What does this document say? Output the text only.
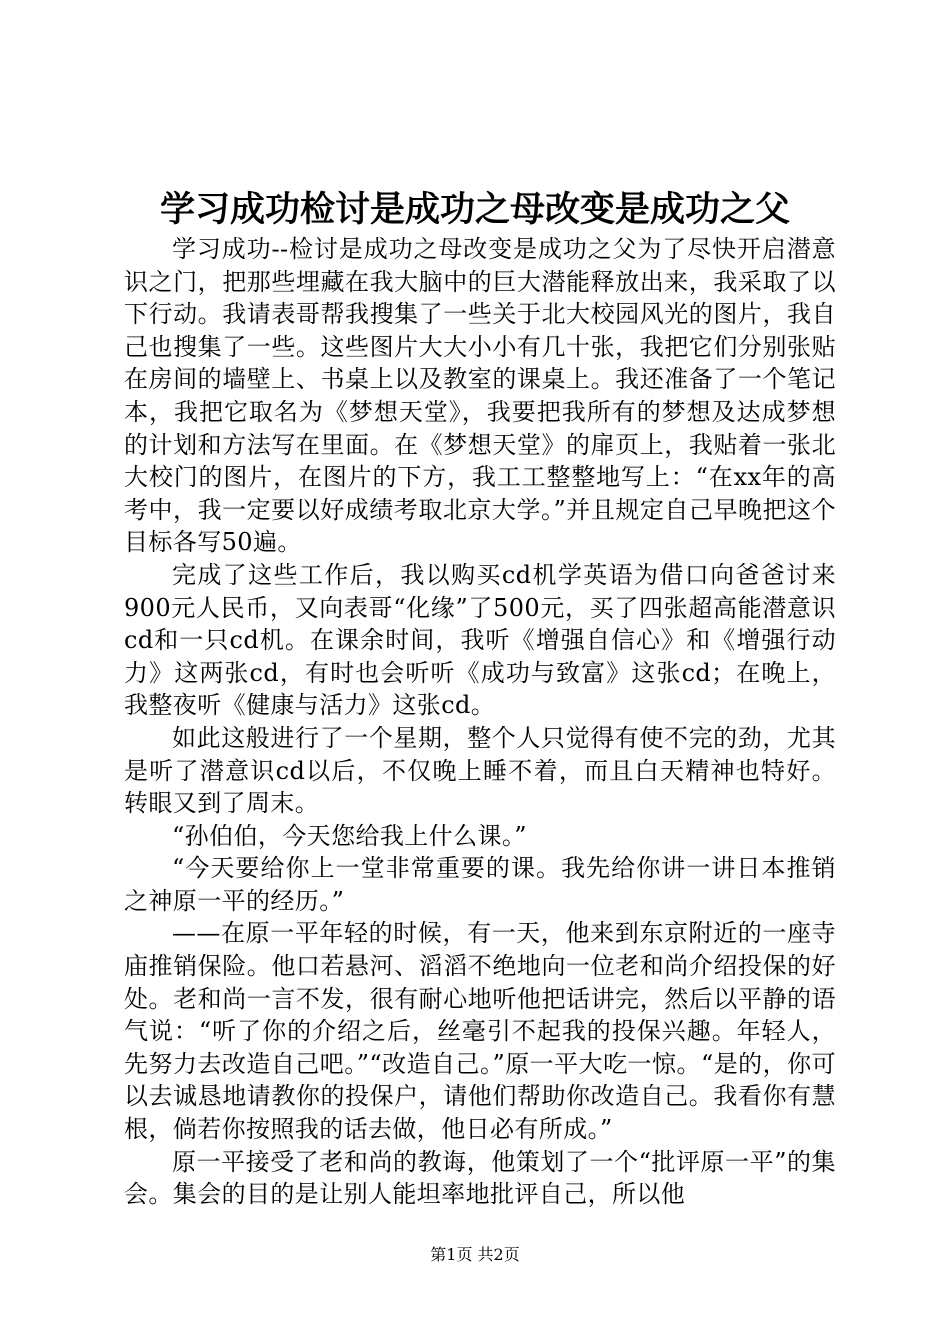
学习成功检讨是成功之母改变是成功之父

学习成功--检讨是成功之母改变是成功之父为了尽快开启潜意识之门，把那些埋藏在我大脑中的巨大潜能释放出来，我采取了以下行动。我请表哥帮我搜集了一些关于北大校园风光的图片，我自己也搜集了一些。这些图片大大小小有几十张，我把它们分别张贴在房间的墙壁上、书桌上以及教室的课桌上。我还准备了一个笔记本，我把它取名为《梦想天堂》，我要把我所有的梦想及达成梦想的计划和方法写在里面。在《梦想天堂》的扉页上，我贴着一张北大校门的图片，在图片的下方，我工工整整地写上：“在xx年的高考中，我一定要以好成绩考取北京大学。”并且规定自己早晚把这个目标各写50遍。

完成了这些工作后，我以购买cd机学英语为借口向爸爸讨来900元人民币，又向表哥“化缘”了500元，买了四张超高能潜意识cd和一只cd机。在课余时间，我听《增强自信心》和《增强行动力》这两张cd，有时也会听听《成功与致富》这张cd；在晚上，我整夜听《健康与活力》这张cd。

如此这般进行了一个星期，整个人只觉得有使不完的劲，尤其是听了潜意识cd以后，不仅晚上睡不着，而且白天精神也特好。转眼又到了周末。

“孙伯伯，今天您给我上什么课。”

“今天要给你上一堂非常重要的课。我先给你讲一讲日本推销之神原一平的经历。”

——在原一平年轻的时候，有一天，他来到东京附近的一座寺庙推销保险。他口若悬河、滔滔不绝地向一位老和尚介绍投保的好处。老和尚一言不发，很有耐心地听他把话讲完，然后以平静的语气说：“听了你的介绍之后，丝毫引不起我的投保兴趣。年轻人，先努力去改造自己吧。”“改造自己。”原一平大吃一惊。“是的，你可以去诚恳地请教你的投保户，请他们帮助你改造自己。我看你有慧根，倘若你按照我的话去做，他日必有所成。”

原一平接受了老和尚的教诲，他策划了一个“批评原一平”的集会。集会的目的是让别人能坦率地批评自己，所以他

第1页 共2页
